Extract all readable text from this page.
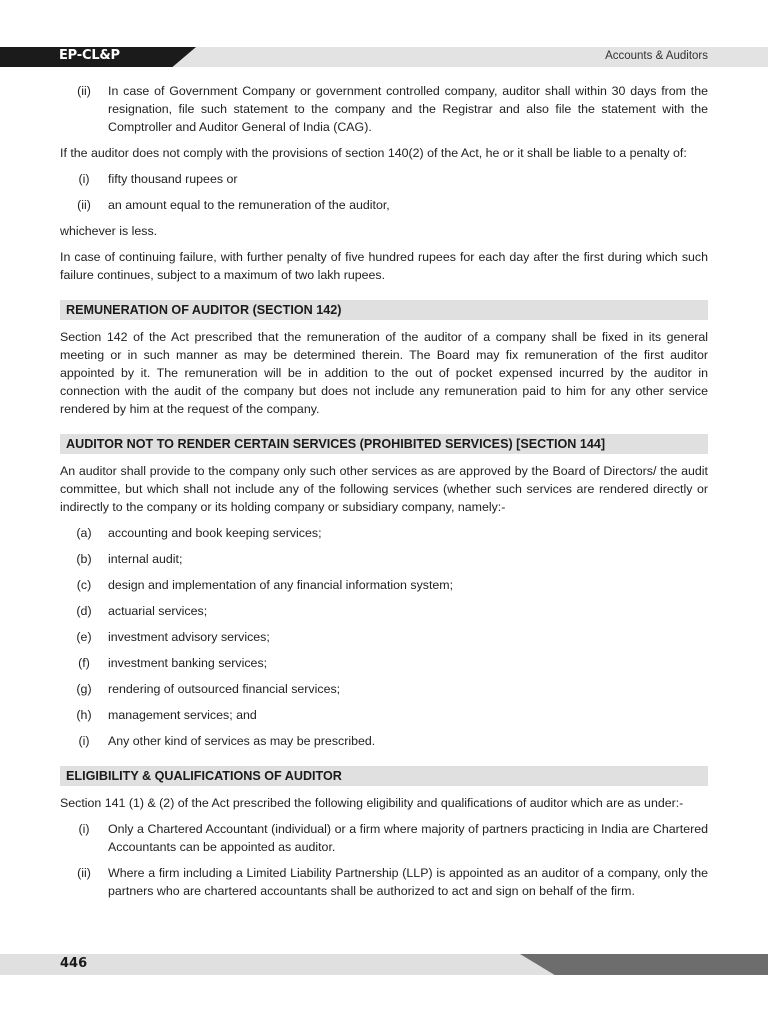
EP-CL&P	Accounts & Auditors
(ii)	In case of Government Company or government controlled company, auditor shall within 30 days from the resignation, file such statement to the company and the Registrar and also file the statement with the Comptroller and Auditor General of India (CAG).

If the auditor does not comply with the provisions of section 140(2) of the Act, he or it shall be liable to a penalty of:

(i)	fifty thousand rupees or
(ii)	an amount equal to the remuneration of the auditor,

whichever is less.

In case of continuing failure, with further penalty of five hundred rupees for each day after the first during which such failure continues, subject to a maximum of two lakh rupees.

REMUNERATION OF AUDITOR (SECTION 142)

Section 142 of the Act prescribed that the remuneration of the auditor of a company shall be fixed in its general meeting or in such manner as may be determined therein. The Board may fix remuneration of the first auditor appointed by it. The remuneration will be in addition to the out of pocket expensed incurred by the auditor in connection with the audit of the company but does not include any remuneration paid to him for any other service rendered by him at the request of the company.

AUDITOR NOT TO RENDER CERTAIN SERVICES (PROHIBITED SERVICES) [SECTION 144]

An auditor shall provide to the company only such other services as are approved by the Board of Directors/ the audit committee, but which shall not include any of the following services (whether such services are rendered directly or indirectly to the company or its holding company or subsidiary company, namely:-

(a)	accounting and book keeping services;
(b)	internal audit;
(c)	design and implementation of any financial information system;
(d)	actuarial services;
(e)	investment advisory services;
(f)	investment banking services;
(g)	rendering of outsourced financial services;
(h)	management services; and
(i)	Any other kind of services as may be prescribed.
ELIGIBILITY & QUALIFICATIONS OF AUDITOR

Section 141 (1) & (2) of the Act prescribed the following eligibility and qualifications of auditor which are as under:-

(i)	Only a Chartered Accountant (individual) or a firm where majority of partners practicing in India are Chartered Accountants can be appointed as auditor.
(ii)	Where a firm including a Limited Liability Partnership (LLP) is appointed as an auditor of a company, only the partners who are chartered accountants shall be authorized to act and sign on behalf of the firm.
446
